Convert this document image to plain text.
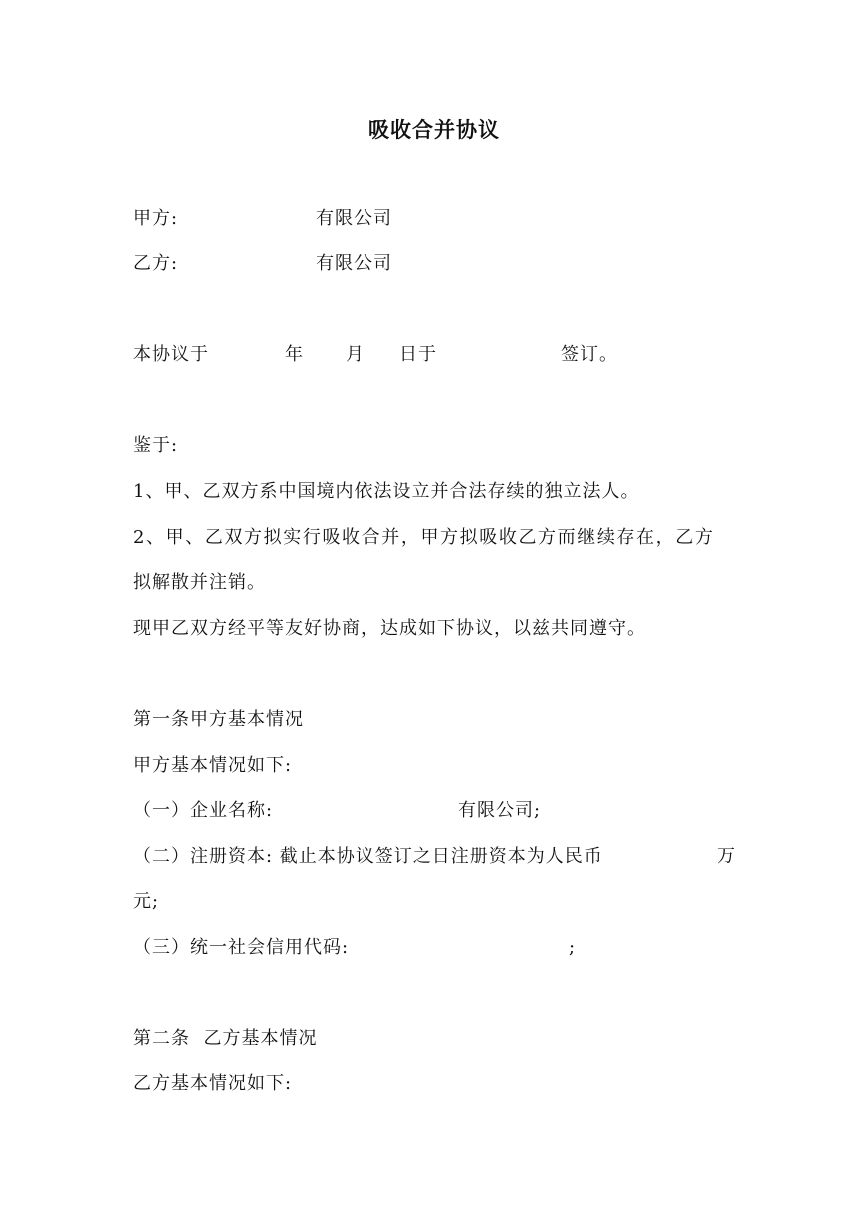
吸收合并协议
甲方:	有限公司
乙方:	有限公司
本协议于	年 月 日于	签订。
鉴于:
1、甲、乙双方系中国境内依法设立并合法存续的独立法人。
2、甲、乙双方拟实行吸收合并，甲方拟吸收乙方而继续存在，乙方
拟解散并注销。
现甲乙双方经平等友好协商，达成如下协议，以兹共同遵守。
第一条甲方基本情况
甲方基本情况如下:
（一）企业名称:	有限公司;
（二）注册资本: 截止本协议签订之日注册资本为人民币	万
元;
（三）统一社会信用代码:	;
第二条  乙方基本情况
乙方基本情况如下:
